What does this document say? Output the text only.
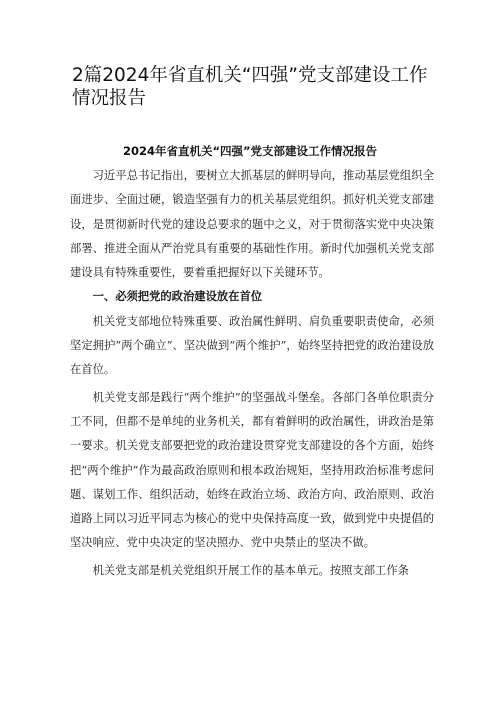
2篇2024年省直机关“四强”党支部建设工作情况报告
2024年省直机关“四强”党支部建设工作情况报告

习近平总书记指出，要树立大抓基层的鲜明导向，推动基层党组织全面进步、全面过硬，锻造坚强有力的机关基层党组织。抓好机关党支部建设，是贯彻新时代党的建设总要求的题中之义，对于贯彻落实党中央决策部署、推进全面从严治党具有重要的基础性作用。新时代加强机关党支部建设具有特殊重要性，要着重把握好以下关键环节。

一、必须把党的政治建设放在首位

机关党支部地位特殊重要、政治属性鲜明、肩负重要职责使命，必须坚定拥护“两个确立”、坚决做到“两个维护”，始终坚持把党的政治建设放在首位。

机关党支部是践行“两个维护”的坚强战斗堡垒。各部门各单位职责分工不同，但都不是单纯的业务机关，都有着鲜明的政治属性，讲政治是第一要求。机关党支部要把党的政治建设贯穿党支部建设的各个方面，始终把“两个维护”作为最高政治原则和根本政治规矩，坚持用政治标准考虑问题、谋划工作、组织活动，始终在政治立场、政治方向、政治原则、政治道路上同以习近平同志为核心的党中央保持高度一致，做到党中央提倡的坚决响应、党中央决定的坚决照办、党中央禁止的坚决不做。

机关党支部是机关党组织开展工作的基本单元。按照支部工作条
